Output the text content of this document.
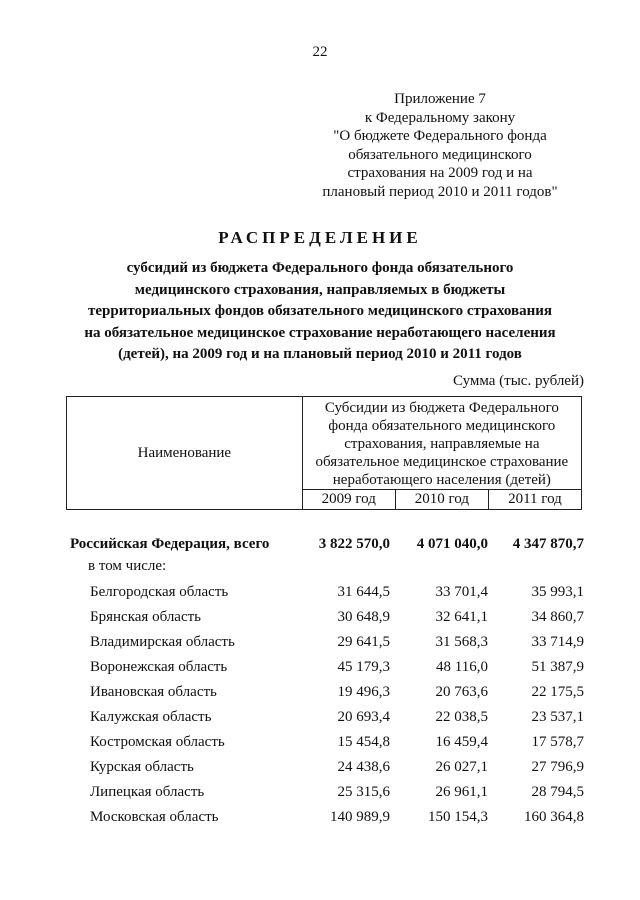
22
Приложение 7
к Федеральному закону
"О бюджете Федерального фонда
обязательного медицинского
страхования на 2009 год и на
плановый период 2010 и 2011 годов"
РАСПРЕДЕЛЕНИЕ
субсидий из бюджета Федерального фонда обязательного
медицинского страхования, направляемых в бюджеты
территориальных фондов обязательного медицинского страхования
на обязательное медицинское страхование неработающего населения
(детей), на 2009 год и на плановый период 2010 и 2011 годов
Сумма (тыс. рублей)
Наименование	Субсидии из бюджета Федерального
фонда обязательного медицинского
страхования, направляемые на
обязательное медицинское страхование
неработающего населения (детей)		

	2009 год	2010 год	2011 год
Российская Федерация, всего	3 822 570,0	4 071 040,0	4 347 870,7
в том числе:
Белгородская область	31 644,5	33 701,4	35 993,1
Брянская область	30 648,9	32 641,1	34 860,7
Владимирская область	29 641,5	31 568,3	33 714,9
Воронежская область	45 179,3	48 116,0	51 387,9
Ивановская область	19 496,3	20 763,6	22 175,5
Калужская область	20 693,4	22 038,5	23 537,1
Костромская область	15 454,8	16 459,4	17 578,7
Курская область	24 438,6	26 027,1	27 796,9
Липецкая область	25 315,6	26 961,1	28 794,5
Московская область	140 989,9	150 154,3	160 364,8
